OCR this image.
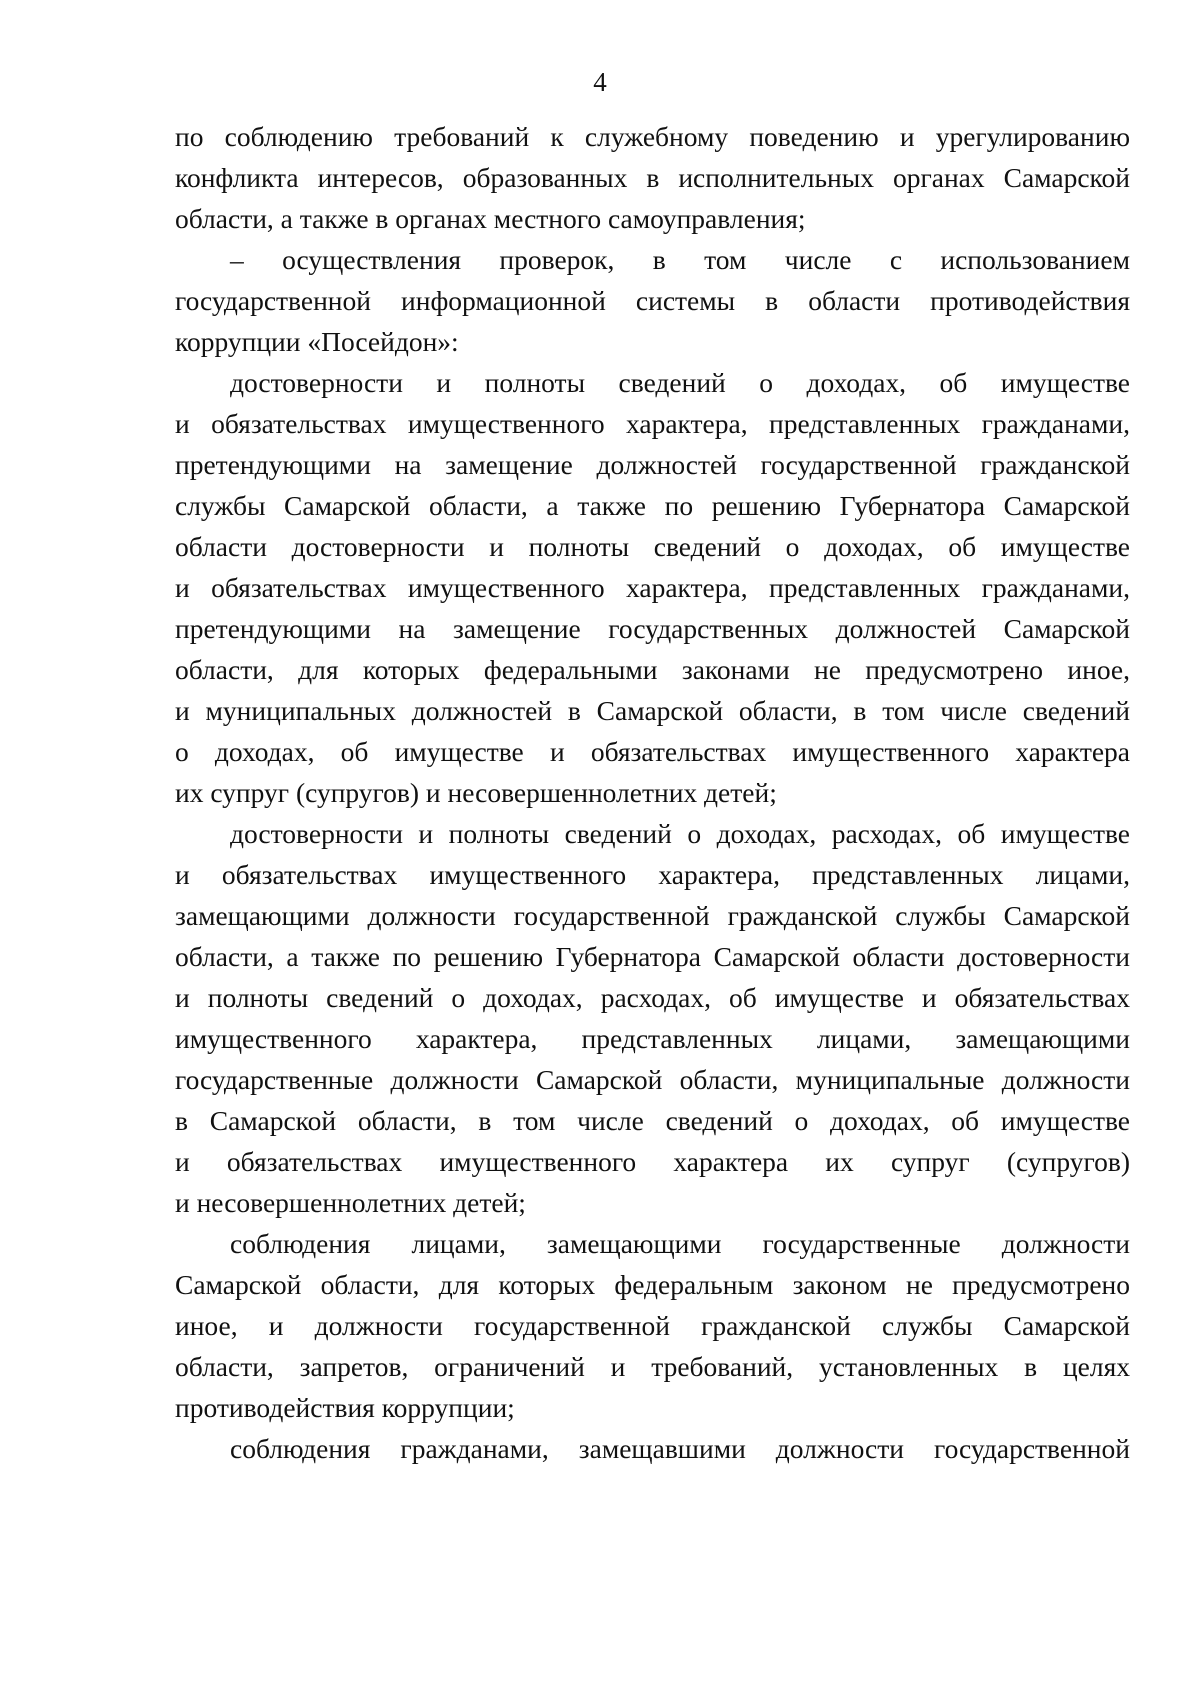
4
по соблюдению требований к служебному поведению и урегулированию
конфликта интересов, образованных в исполнительных органах Самарской
области, а также в органах местного самоуправления;
– осуществления проверок, в том числе с использованием
государственной информационной системы в области противодействия
коррупции «Посейдон»:
достоверности и полноты сведений о доходах, об имуществе
и обязательствах имущественного характера, представленных гражданами,
претендующими на замещение должностей государственной гражданской
службы Самарской области, а также по решению Губернатора Самарской
области достоверности и полноты сведений о доходах, об имуществе
и обязательствах имущественного характера, представленных гражданами,
претендующими на замещение государственных должностей Самарской
области, для которых федеральными законами не предусмотрено иное,
и муниципальных должностей в Самарской области, в том числе сведений
о доходах, об имуществе и обязательствах имущественного характера
их супруг (супругов) и несовершеннолетних детей;
достоверности и полноты сведений о доходах, расходах, об имуществе
и обязательствах имущественного характера, представленных лицами,
замещающими должности государственной гражданской службы Самарской
области, а также по решению Губернатора Самарской области достоверности
и полноты сведений о доходах, расходах, об имуществе и обязательствах
имущественного характера, представленных лицами, замещающими
государственные должности Самарской области, муниципальные должности
в Самарской области, в том числе сведений о доходах, об имуществе
и обязательствах имущественного характера их супруг (супругов)
и несовершеннолетних детей;
соблюдения лицами, замещающими государственные должности
Самарской области, для которых федеральным законом не предусмотрено
иное, и должности государственной гражданской службы Самарской
области, запретов, ограничений и требований, установленных в целях
противодействия коррупции;
соблюдения гражданами, замещавшими должности государственной
